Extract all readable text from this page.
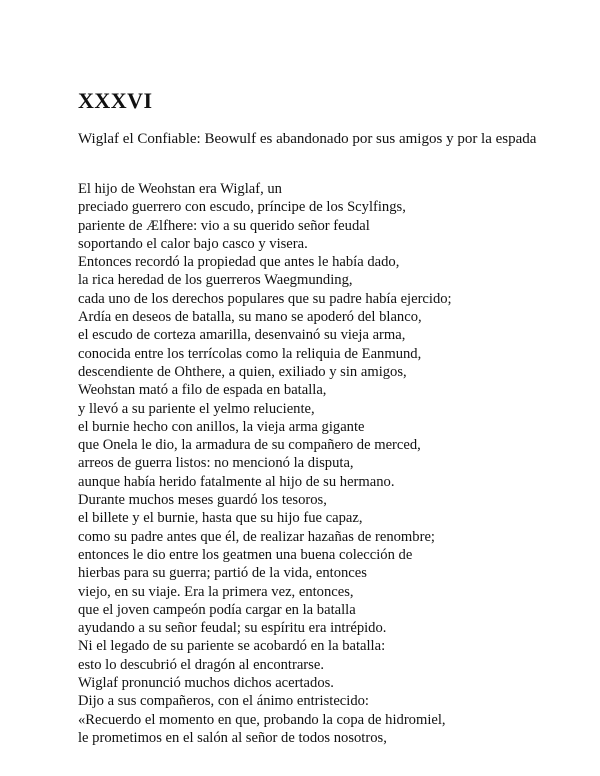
XXXVI

Wiglaf el Confiable: Beowulf es abandonado por sus amigos y por la espada

El hijo de Weohstan era Wiglaf, un
preciado guerrero con escudo, príncipe de los Scylfings,
pariente de Ælfhere: vio a su querido señor feudal
soportando el calor bajo casco y visera.
Entonces recordó la propiedad que antes le había dado,
la rica heredad de los guerreros Waegmunding,
cada uno de los derechos populares que su padre había ejercido;
Ardía en deseos de batalla, su mano se apoderó del blanco,
el escudo de corteza amarilla, desenvainó su vieja arma,
conocida entre los terrícolas como la reliquia de Eanmund,
descendiente de Ohthere, a quien, exiliado y sin amigos,
Weohstan mató a filo de espada en batalla,
y llevó a su pariente el yelmo reluciente,
el burnie hecho con anillos, la vieja arma gigante
que Onela le dio, la armadura de su compañero de merced,
arreos de guerra listos: no mencionó la disputa,
aunque había herido fatalmente al hijo de su hermano.
Durante muchos meses guardó los tesoros,
el billete y el burnie, hasta que su hijo fue capaz,
como su padre antes que él, de realizar hazañas de renombre;
entonces le dio entre los geatmen una buena colección de
hierbas para su guerra; partió de la vida, entonces
viejo, en su viaje. Era la primera vez, entonces,
que el joven campeón podía cargar en la batalla
ayudando a su señor feudal; su espíritu era intrépido.
Ni el legado de su pariente se acobardó en la batalla:
esto lo descubrió el dragón al encontrarse.
Wiglaf pronunció muchos dichos acertados.
Dijo a sus compañeros, con el ánimo entristecido:
«Recuerdo el momento en que, probando la copa de hidromiel,
le prometimos en el salón al señor de todos nosotros,
